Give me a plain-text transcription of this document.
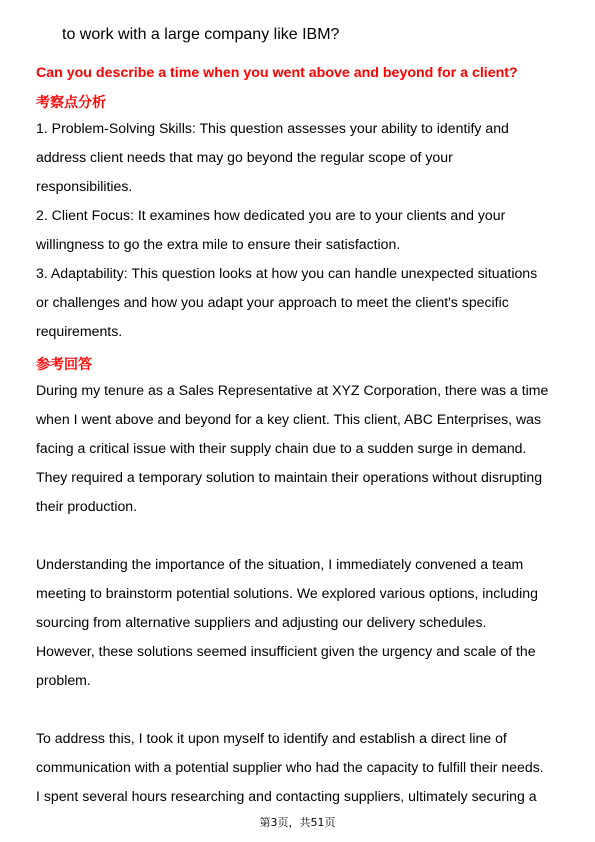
to work with a large company like IBM?
Can you describe a time when you went above and beyond for a client?
考察点分析

1. Problem-Solving Skills: This question assesses your ability to identify and
address client needs that may go beyond the regular scope of your
responsibilities.
2. Client Focus: It examines how dedicated you are to your clients and your
willingness to go the extra mile to ensure their satisfaction.
3. Adaptability: This question looks at how you can handle unexpected situations
or challenges and how you adapt your approach to meet the client's specific
requirements.

参考回答

During my tenure as a Sales Representative at XYZ Corporation, there was a time
when I went above and beyond for a key client. This client, ABC Enterprises, was
facing a critical issue with their supply chain due to a sudden surge in demand.
They required a temporary solution to maintain their operations without disrupting
their production.

Understanding the importance of the situation, I immediately convened a team
meeting to brainstorm potential solutions. We explored various options, including
sourcing from alternative suppliers and adjusting our delivery schedules.
However, these solutions seemed insufficient given the urgency and scale of the
problem.

To address this, I took it upon myself to identify and establish a direct line of
communication with a potential supplier who had the capacity to fulfill their needs.
I spent several hours researching and contacting suppliers, ultimately securing a

第3页，共51页
